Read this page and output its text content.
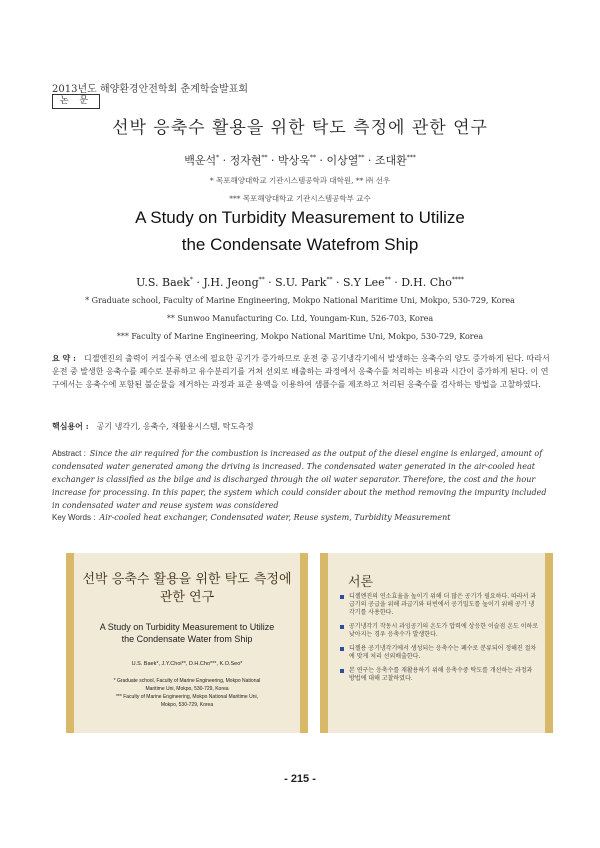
2013년도 해양환경안전학회 춘계학술발표회
논 문
선박 응축수 활용을 위한 탁도 측정에 관한 연구
백운석* · 정자현** · 박상욱** · 이상열** · 조대환***
* 목포해양대학교 기관시스템공학과 대학원, ** ㈜ 선우
*** 목포해양대학교 기관시스템공학부 교수
A Study on Turbidity Measurement to Utilize
the Condensate Watefrom Ship
U.S. Baek* · J.H. Jeong** · S.U. Park** · S.Y Lee** · D.H. Cho****
* Graduate school, Faculty of Marine Engineering, Mokpo National Maritime Uni, Mokpo, 530-729, Korea
** Sunwoo Manufacturing Co. Ltd, Youngam-Kun, 526-703, Korea
*** Faculty of Marine Engineering, Mokpo National Maritime Uni, Mokpo, 530-729, Korea
요 약 : 디젤엔진의 출력이 커질수록 연소에 필요한 공기가 증가하므로 운전 중 공기냉각기에서 발생하는 응축수의 양도 증가하게 된다. 따라서 운전 중 발생한 응축수를 폐수로 분류하고 유수분리기를 거쳐 선외로 배출하는 과정에서 응축수를 처리하는 비용과 시간이 증가하게 된다. 이 연구에서는 응축수에 포함된 불순물을 제거하는 과정과 표준 용액을 이용하여 샘플수를 제조하고 처리된 응축수를 검사하는 방법을 고찰하였다.
핵심용어 : 공기 냉각기, 응축수, 재활용시스템, 탁도측정
Abstract : Since the air required for the combustion is increased as the output of the diesel engine is enlarged, amount of condensated water generated among the driving is increased. The condensated water generated in the air-cooled heat exchanger is classified as the bilge and is discharged through the oil water separator. Therefore, the cost and the hour increase for processing. In this paper, the system which could consider about the method removing the impurity included in condensated water and reuse system was considered
Key Words : Air-cooled heat exchanger, Condensated water, Reuse system, Turbidity Measurement
선박 응축수 활용을 위한 탁도 측정에
관한 연구
A Study on Turbidity Measurement to Utilize
the Condensate Water from Ship
U.S. Baek*, J.Y.Choi**, D.H.Cho***, K.O.Seo*
* Graduate school, Faculty of Marine Engineering, Mokpo National
Maritime Uni, Mokpo, 530-729, Korea
*** Faculty of Marine Engineering, Mokpo National Maritime Uni,
Mokpo, 530-729, Korea
서론
디젤엔진의 연소효율을 높이기 위해 더 많은 공기가 필요하다. 따라서 과급기의 공급을 위해 과급기와 터빈에서 공기밀도를 높이기 위해 공기 냉각기를 사용한다.
공기냉각기 작동시 과잉공기의 온도가 압력에 상응한 이슬점 온도 이하로 낮아지는 경우 응축수가 발생한다.
디젤용 공기냉각기에서 생성되는 응축수는 폐수로 분류되어 정해진 절차에 맞게 처리 선외배출한다.
본 연구는 응축수를 재활용하기 위해 응축수중 탁도를 개선하는 과정과 방법에 대해 고찰하였다.
- 215 -
